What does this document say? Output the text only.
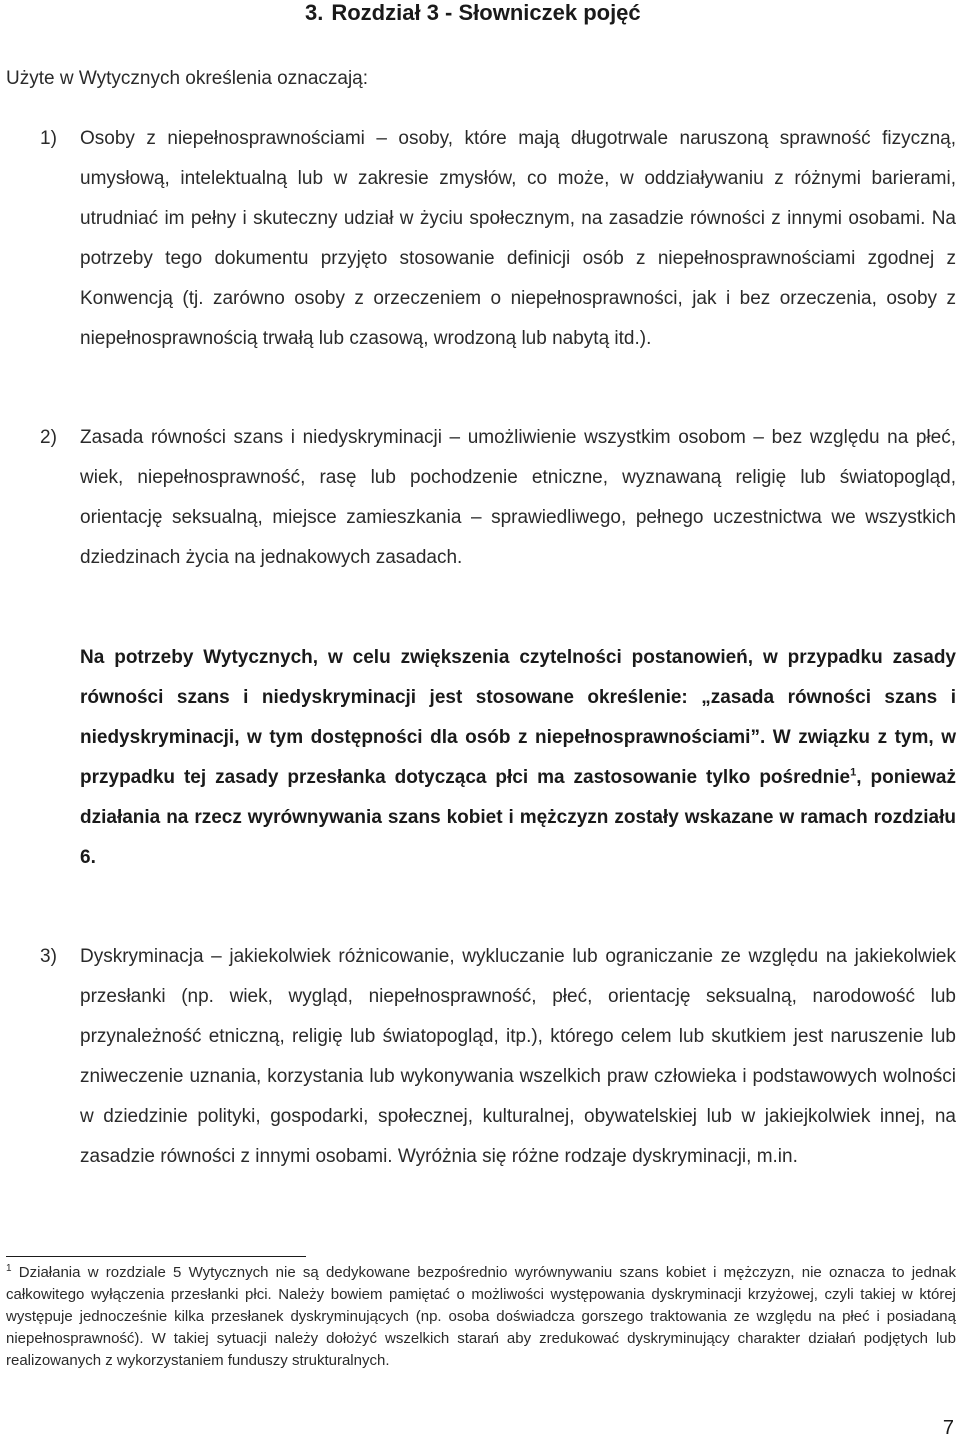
3. Rozdział 3 - Słowniczek pojęć
Użyte w Wytycznych określenia oznaczają:
1)	Osoby z niepełnosprawnościami – osoby, które mają długotrwale naruszoną sprawność fizyczną, umysłową, intelektualną lub w zakresie zmysłów, co może, w oddziaływaniu z różnymi barierami, utrudniać im pełny i skuteczny udział w życiu społecznym, na zasadzie równości z innymi osobami. Na potrzeby tego dokumentu przyjęto stosowanie definicji osób z niepełnosprawnościami zgodnej z Konwencją (tj. zarówno osoby z orzeczeniem o niepełnosprawności, jak i bez orzeczenia, osoby z niepełnosprawnością trwałą lub czasową, wrodzoną lub nabytą itd.).
2)	Zasada równości szans i niedyskryminacji – umożliwienie wszystkim osobom – bez względu na płeć, wiek, niepełnosprawność, rasę lub pochodzenie etniczne, wyznawaną religię lub światopogląd, orientację seksualną, miejsce zamieszkania – sprawiedliwego, pełnego uczestnictwa we wszystkich dziedzinach życia na jednakowych zasadach.
Na potrzeby Wytycznych, w celu zwiększenia czytelności postanowień, w przypadku zasady równości szans i niedyskryminacji jest stosowane określenie: „zasada równości szans i niedyskryminacji, w tym dostępności dla osób z niepełnosprawnościami”. W związku z tym, w przypadku tej zasady przesłanka dotycząca płci ma zastosowanie tylko pośrednie$^1$, ponieważ działania na rzecz wyrównywania szans kobiet i mężczyzn zostały wskazane w ramach rozdziału 6.
3)	Dyskryminacja – jakiekolwiek różnicowanie, wykluczanie lub ograniczanie ze względu na jakiekolwiek przesłanki (np. wiek, wygląd, niepełnosprawność, płeć, orientację seksualną, narodowość lub przynależność etniczną, religię lub światopogląd, itp.), którego celem lub skutkiem jest naruszenie lub zniweczenie uznania, korzystania lub wykonywania wszelkich praw człowieka i podstawowych wolności w dziedzinie polityki, gospodarki, społecznej, kulturalnej, obywatelskiej lub w jakiejkolwiek innej, na zasadzie równości z innymi osobami. Wyróżnia się różne rodzaje dyskryminacji, m.in.
$^1$ Działania w rozdziale 5 Wytycznych nie są dedykowane bezpośrednio wyrównywaniu szans kobiet i mężczyzn, nie oznacza to jednak całkowitego wyłączenia przesłanki płci. Należy bowiem pamiętać o możliwości występowania dyskryminacji krzyżowej, czyli takiej w której występuje jednocześnie kilka przesłanek dyskryminujących (np. osoba doświadcza gorszego traktowania ze względu na płeć i posiadaną niepełnosprawność). W takiej sytuacji należy dołożyć wszelkich starań aby zredukować dyskryminujący charakter działań podjętych lub realizowanych z wykorzystaniem funduszy strukturalnych.
7
